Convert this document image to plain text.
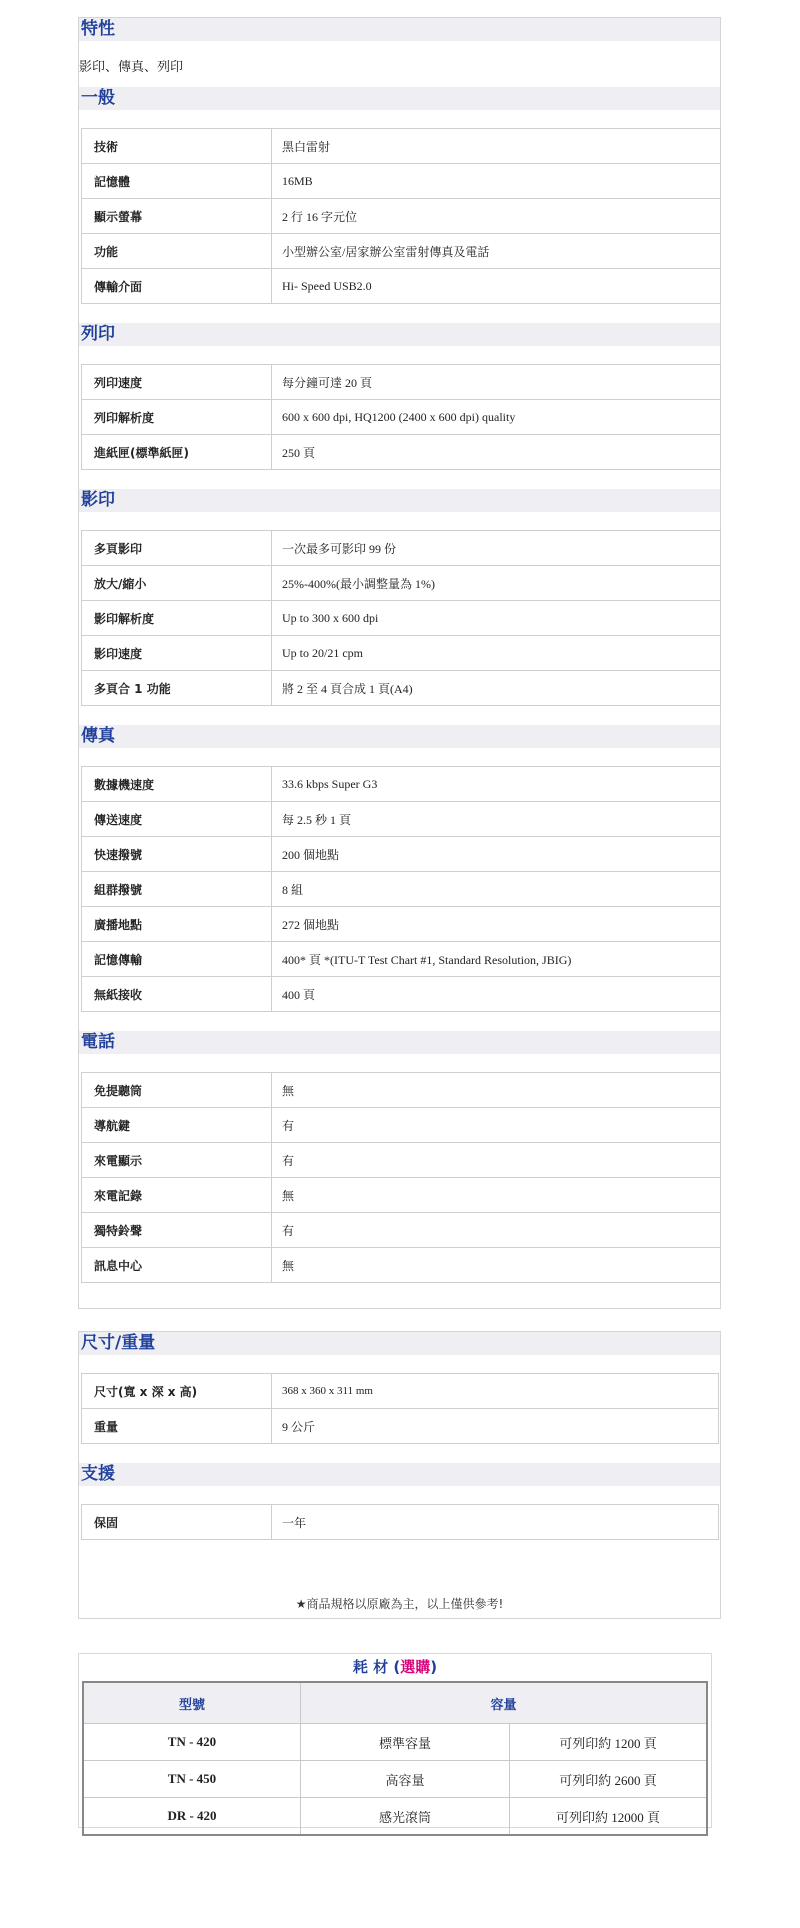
特性
影印、傳真、列印
一般
技術	黑白雷射
記憶體	16MB
顯示螢幕	2 行 16 字元位
功能	小型辦公室/居家辦公室雷射傳真及電話
傳輸介面	Hi- Speed USB2.0
列印
列印速度	每分鐘可達 20 頁
列印解析度	600 x 600 dpi, HQ1200 (2400 x 600 dpi) quality
進紙匣(標準紙匣)	250 頁
影印
多頁影印	一次最多可影印 99 份
放大/縮小	25%-400%(最小調整量為 1%)
影印解析度	Up to 300 x 600 dpi
影印速度	Up to 20/21 cpm
多頁合 1 功能	將 2 至 4 頁合成 1 頁(A4)
傳真
數據機速度	33.6 kbps Super G3
傳送速度	每 2.5 秒 1 頁
快速撥號	200 個地點
組群撥號	8 組
廣播地點	272 個地點
記憶傳輸	400* 頁 *(ITU-T Test Chart #1, Standard Resolution, JBIG)
無紙接收	400 頁
電話
免提聽筒	無
導航鍵	有
來電顯示	有
來電記錄	無
獨特鈴聲	有
訊息中心	無
尺寸/重量
尺寸(寬 x 深 x 高)	368 x 360 x 311 mm
重量	9 公斤
支援
保固	一年
★商品規格以原廠為主，以上僅供參考!
耗 材 (選購)
型號	容量	
TN - 420	標準容量	可列印約 1200 頁
TN - 450	高容量	可列印約 2600 頁
DR - 420	感光滾筒	可列印約 12000 頁
